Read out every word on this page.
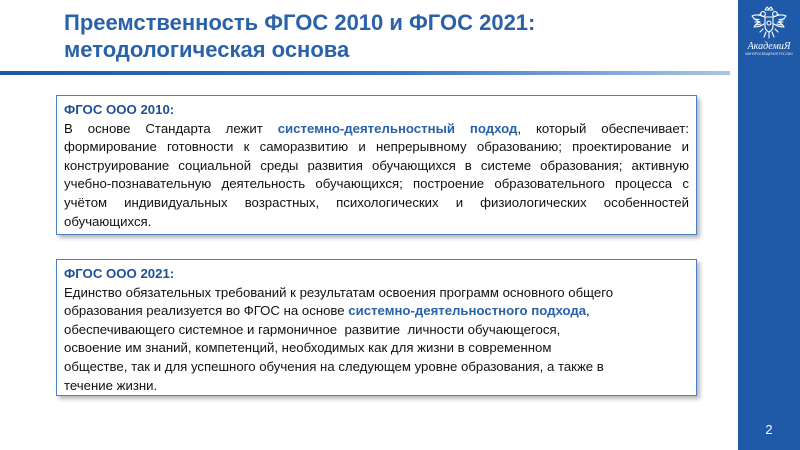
Преемственность ФГОС 2010 и ФГОС 2021:
методологическая основа	АкадемиЯ
МИНПРОСВЕЩЕНИЯ РОССИИ
2
ФГОС ООО 2010:
В основе Стандарта лежит системно-деятельностный подход, который обеспечивает: формирование готовности к саморазвитию и непрерывному образованию; проектирование и конструирование социальной среды развития обучающихся в системе образования; активную учебно-познавательную деятельность обучающихся; построение образовательного процесса с учётом индивидуальных возрастных, психологических и физиологических особенностей обучающихся.
ФГОС ООО 2021:
Единство обязательных требований к результатам освоения программ основного общего
образования реализуется во ФГОС на основе системно-деятельностного подхода,
обеспечивающего системное и гармоничное  развитие  личности обучающегося,
освоение им знаний, компетенций, необходимых как для жизни в современном
обществе, так и для успешного обучения на следующем уровне образования, а также в
течение жизни.
